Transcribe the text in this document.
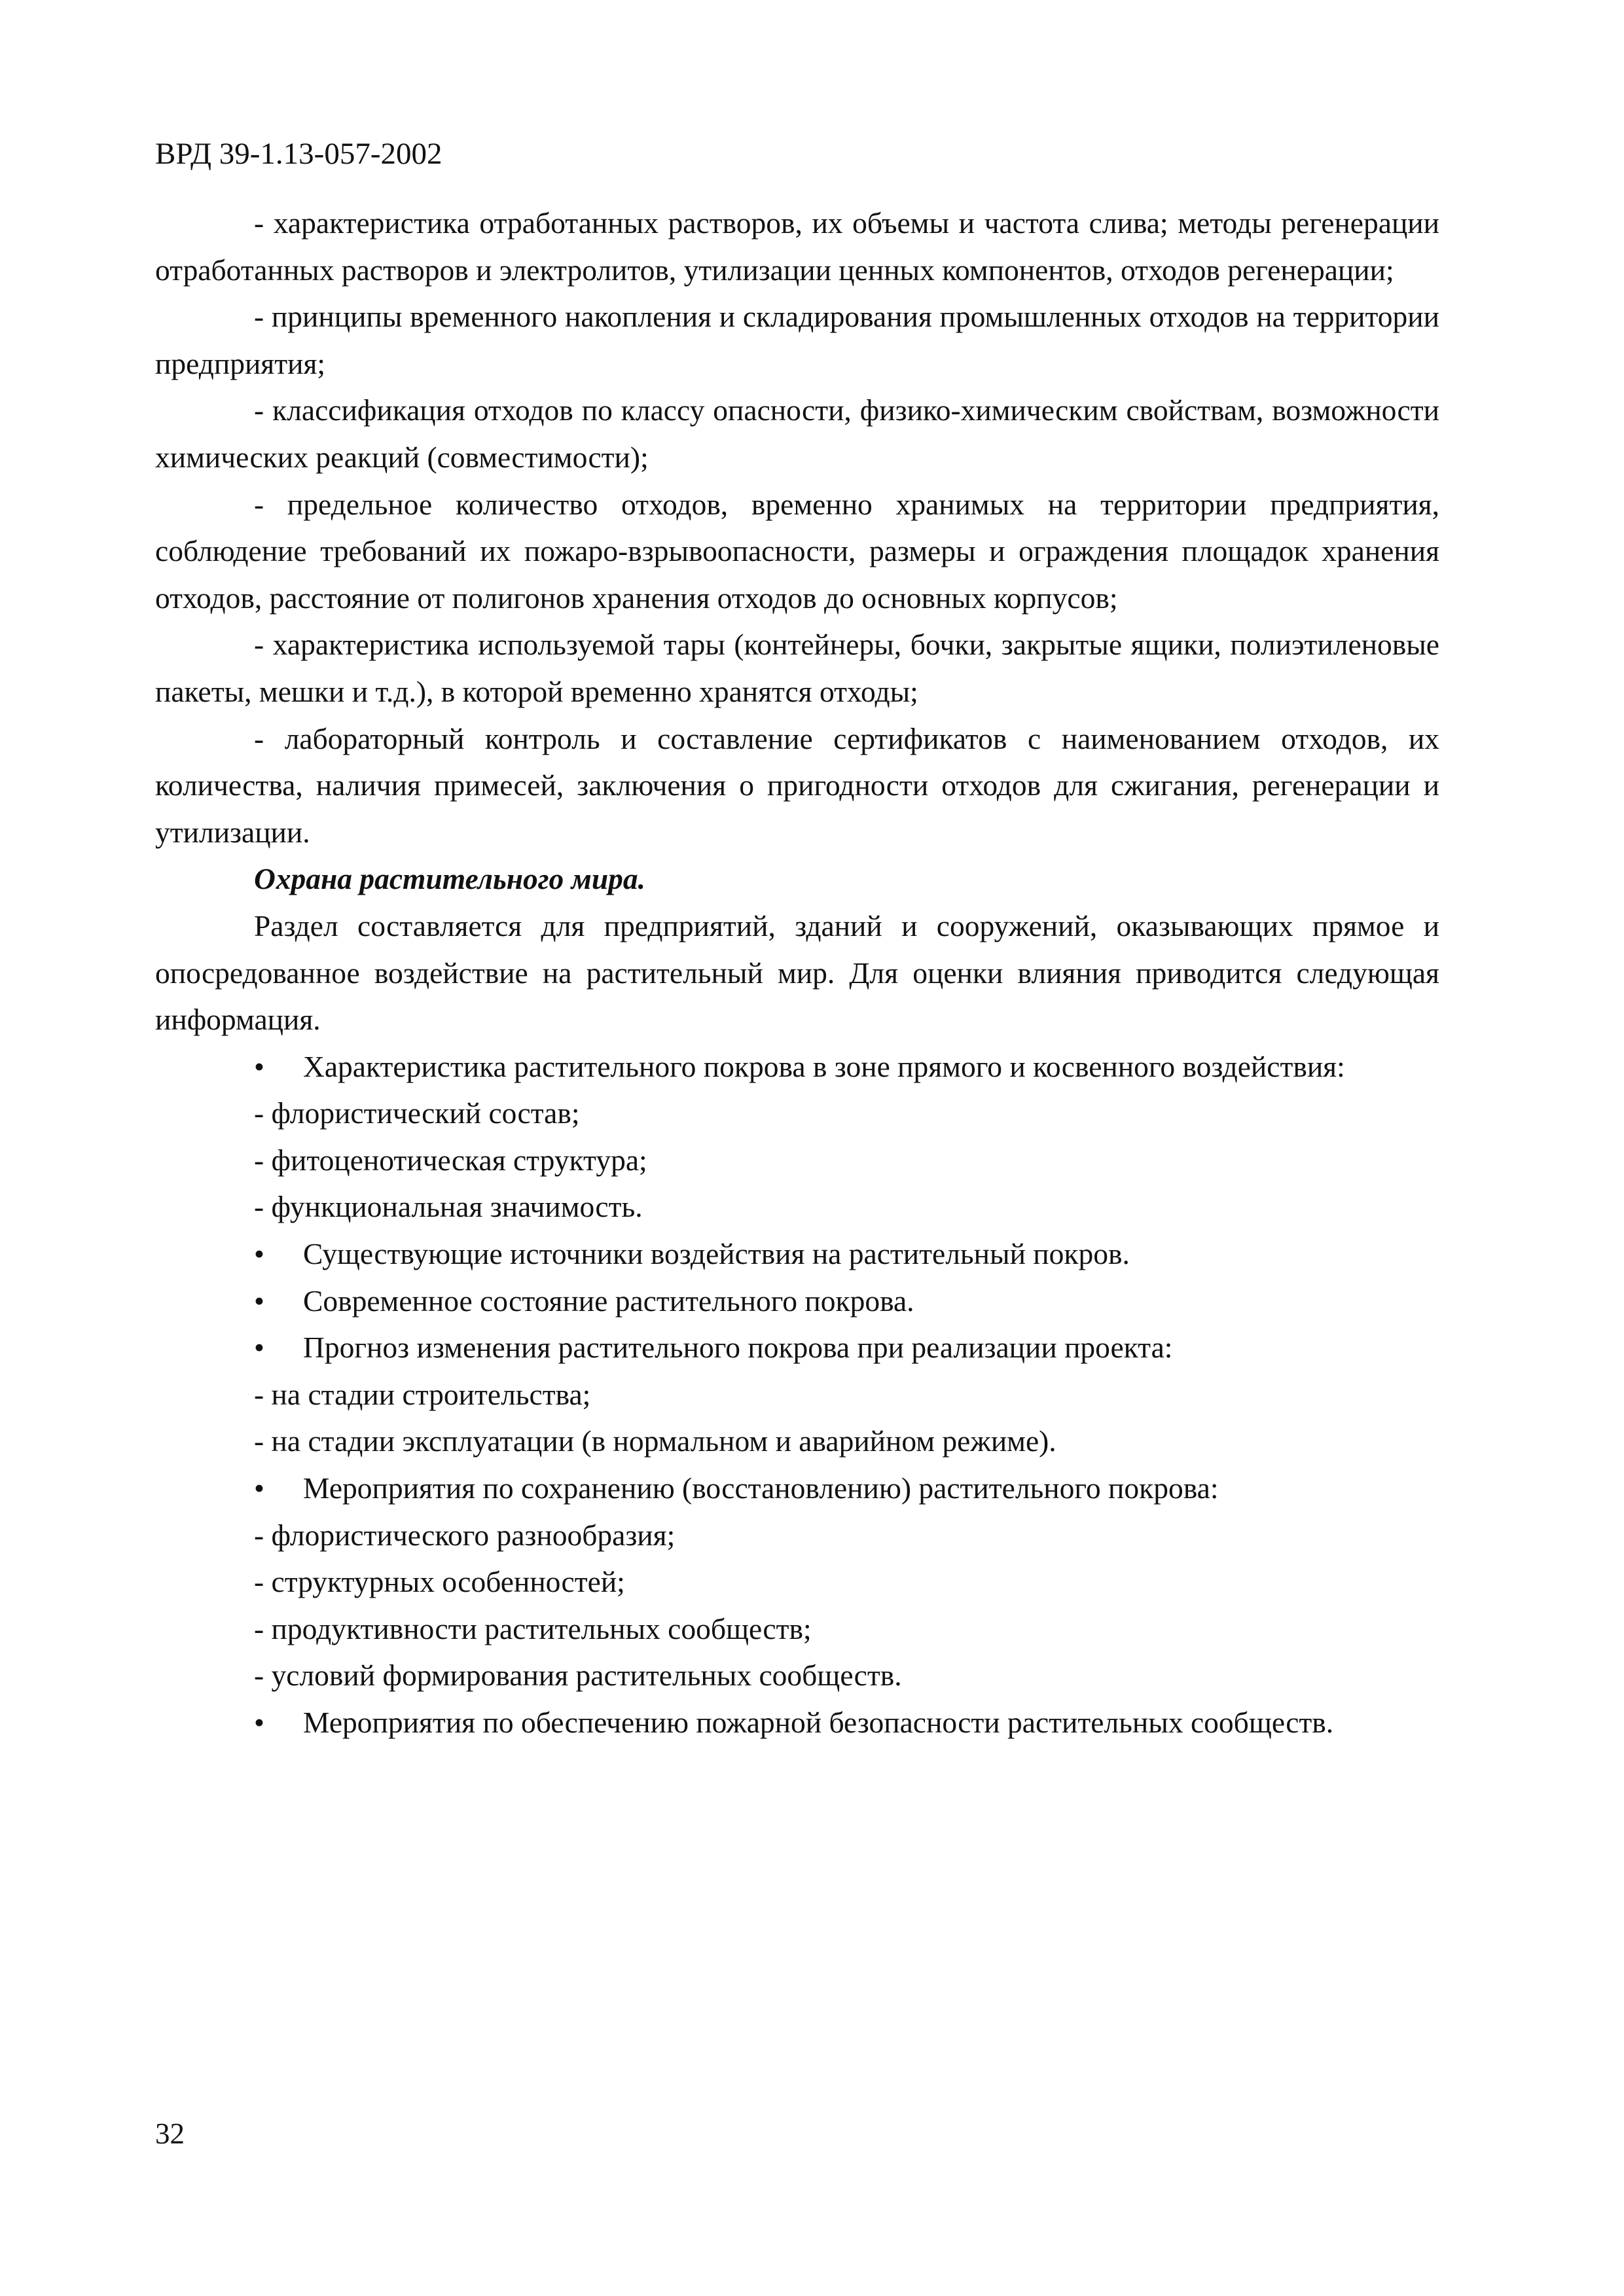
ВРД 39-1.13-057-2002

- характеристика отработанных растворов, их объемы и частота слива; методы регенерации отработанных растворов и электролитов, утилизации ценных компонентов, отходов регенерации;

- принципы временного накопления и складирования промышленных отходов на территории предприятия;

- классификация отходов по классу опасности, физико-химическим свойствам, возможности химических реакций (совместимости);

- предельное количество отходов, временно хранимых на территории предприятия, соблюдение требований их пожаро-взрывоопасности, размеры и ограждения площадок хранения отходов, расстояние от полигонов хранения отходов до основных корпусов;

- характеристика используемой тары (контейнеры, бочки, закрытые ящики, полиэтиленовые пакеты, мешки и т.д.), в которой временно хранятся отходы;

- лабораторный контроль и составление сертификатов с наименованием отходов, их количества, наличия примесей, заключения о пригодности отходов для сжигания, регенерации и утилизации.

Охрана растительного мира.

Раздел составляется для предприятий, зданий и сооружений, оказывающих прямое и опосредованное воздействие на растительный мир. Для оценки влияния приводится следующая информация.

• Характеристика растительного покрова в зоне прямого и косвенного воздействия:

- флористический состав;

- фитоценотическая структура;

- функциональная значимость.

• Существующие источники воздействия на растительный покров.

• Современное состояние растительного покрова.

• Прогноз изменения растительного покрова при реализации проекта:

- на стадии строительства;

- на стадии эксплуатации (в нормальном и аварийном режиме).

• Мероприятия по сохранению (восстановлению) растительного покрова:

- флористического разнообразия;

- структурных особенностей;

- продуктивности растительных сообществ;

- условий формирования растительных сообществ.

• Мероприятия по обеспечению пожарной безопасности растительных сообществ.

32
